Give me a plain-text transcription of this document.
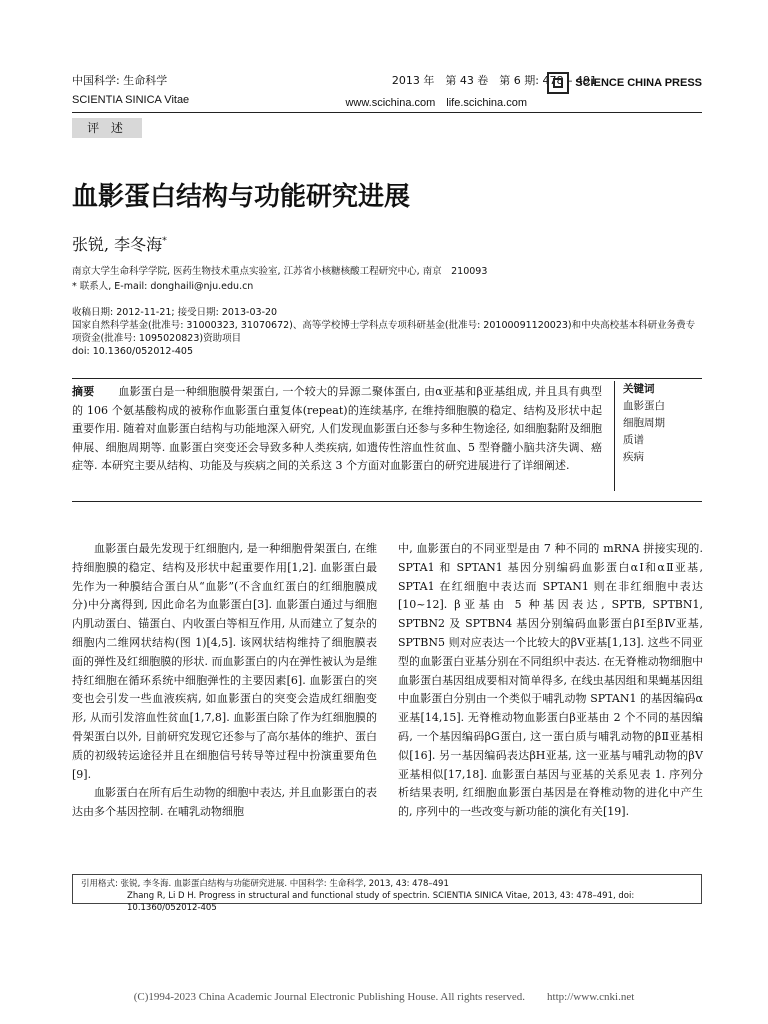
中国科学: 生命科学
SCIENTIA SINICA Vitae
2013 年　第 43 卷　第 6 期: 478 – 491
www.scichina.com　life.scichina.com
SCIENCE CHINA PRESS
评 述
血影蛋白结构与功能研究进展
张锐, 李冬海*
南京大学生命科学学院, 医药生物技术重点实验室, 江苏省小核糖核酸工程研究中心, 南京　210093
* 联系人, E-mail: donghaili@nju.edu.cn
收稿日期: 2012-11-21; 接受日期: 2013-03-20
国家自然科学基金(批准号: 31000323, 31070672)、高等学校博士学科点专项科研基金(批准号: 20100091120023)和中央高校基本科研业务费专项资金(批准号: 1095020823)资助项目
doi: 10.1360/052012-405
摘要 血影蛋白是一种细胞膜骨架蛋白, 一个较大的异源二聚体蛋白, 由α亚基和β亚基组成, 并且具有典型的 106 个氨基酸构成的被称作血影蛋白重复体(repeat)的连续基序, 在维持细胞膜的稳定、结构及形状中起重要作用. 随着对血影蛋白结构与功能地深入研究, 人们发现血影蛋白还参与多种生物途径, 如细胞黏附及细胞伸展、细胞周期等. 血影蛋白突变还会导致多种人类疾病, 如遗传性溶血性贫血、5 型脊髓小脑共济失调、癌症等. 本研究主要从结构、功能及与疾病之间的关系这 3 个方面对血影蛋白的研究进展进行了详细阐述.
关键词
血影蛋白
细胞周期
质谱
疾病

血影蛋白最先发现于红细胞内, 是一种细胞骨架蛋白, 在维持细胞膜的稳定、结构及形状中起重要作用[1,2]. 血影蛋白最先作为一种膜结合蛋白从“血影”(不含血红蛋白的红细胞膜成分)中分离得到, 因此命名为血影蛋白[3]. 血影蛋白通过与细胞内肌动蛋白、锚蛋白、内收蛋白等相互作用, 从而建立了复杂的细胞内二维网状结构(图 1)[4,5]. 该网状结构维持了细胞膜表面的弹性及红细胞膜的形状. 而血影蛋白的内在弹性被认为是维持红细胞在循环系统中细胞弹性的主要因素[6]. 血影蛋白的突变也会引发一些血液疾病, 如血影蛋白的突变会造成红细胞变形, 从而引发溶血性贫血[1,7,8]. 血影蛋白除了作为红细胞膜的骨架蛋白以外, 目前研究发现它还参与了高尔基体的维护、蛋白质的初级转运途径并且在细胞信号转导等过程中扮演重要角色[9].

血影蛋白在所有后生动物的细胞中表达, 并且血影蛋白的表达由多个基因控制. 在哺乳动物细胞

中, 血影蛋白的不同亚型是由 7 种不同的 mRNA 拼接实现的. SPTA1 和 SPTAN1 基因分别编码血影蛋白αⅠ和αⅡ亚基, SPTA1 在红细胞中表达而 SPTAN1 则在非红细胞中表达[10~12]. β亚基由 5 种基因表达, SPTB, SPTBN1, SPTBN2 及 SPTBN4 基因分别编码血影蛋白βⅠ至βⅣ亚基, SPTBN5 则对应表达一个比较大的βⅤ亚基[1,13]. 这些不同亚型的血影蛋白亚基分别在不同组织中表达. 在无脊椎动物细胞中血影蛋白基因组成要相对简单得多, 在线虫基因组和果蝇基因组中血影蛋白分别由一个类似于哺乳动物 SPTAN1 的基因编码α亚基[14,15]. 无脊椎动物血影蛋白β亚基由 2 个不同的基因编码, 一个基因编码βG蛋白, 这一蛋白质与哺乳动物的βⅡ亚基相似[16]. 另一基因编码表达βH亚基, 这一亚基与哺乳动物的βⅤ亚基相似[17,18]. 血影蛋白基因与亚基的关系见表 1. 序列分析结果表明, 红细胞血影蛋白基因是在脊椎动物的进化中产生的, 序列中的一些改变与新功能的演化有关[19].

引用格式: 张锐, 李冬海. 血影蛋白结构与功能研究进展. 中国科学: 生命科学, 2013, 43: 478–491
Zhang R, Li D H. Progress in structural and functional study of spectrin. SCIENTIA SINICA Vitae, 2013, 43: 478–491, doi: 10.1360/052012-405
(C)1994-2023 China Academic Journal Electronic Publishing House. All rights reserved.　　http://www.cnki.net
